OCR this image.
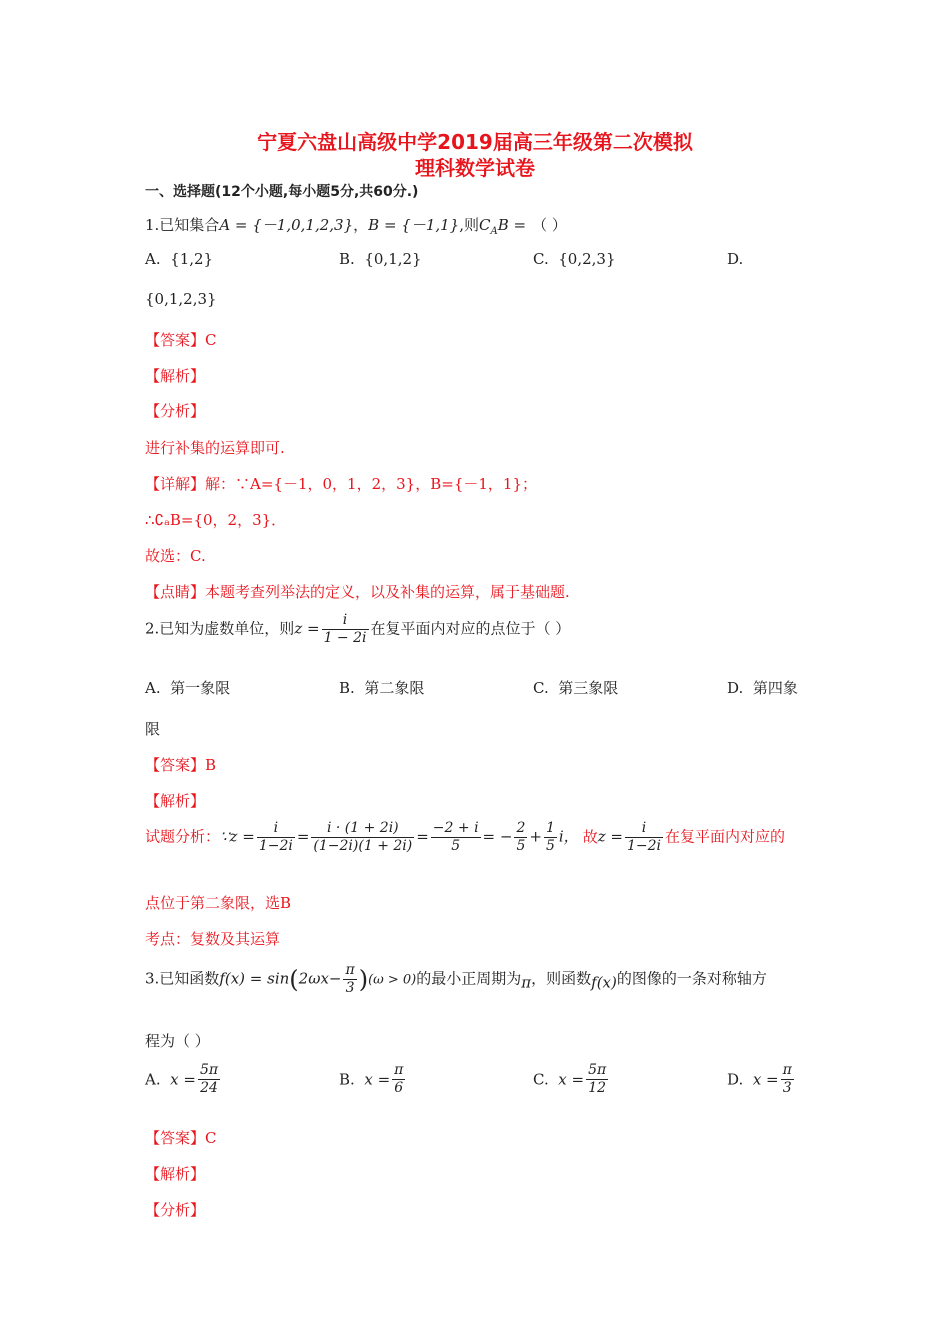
宁夏六盘山高级中学2019届高三年级第二次模拟
理科数学试卷
一、选择题(12个小题,每小题5分,共60分.)
1.已知集合A = {－1,0,1,2,3}，B = {－1,1},则$C_AB$ = （ ）
A. {1,2}	B. {0,1,2}	C. {0,2,3}	D.
{0,1,2,3}
【答案】C
【解析】
【分析】
进行补集的运算即可.
【详解】解：∵A={－1，0，1，2，3}，B={－1，1}；
∴∁ₐB={0，2，3}．
故选：C.
【点睛】本题考查列举法的定义，以及补集的运算，属于基础题.
2.已知为虚数单位，则$z = \frac{i}{1 - 2i}$ 在复平面内对应的点位于（ ）
A. 第一象限	B. 第二象限	C. 第三象限	D. 第四象
限
【答案】B
【解析】
试题分析：∵z = $\frac{i}{1-2i} = \frac{i \cdot (1 + 2i)}{(1-2i)(1 + 2i)} = \frac{-2 + i}{5}$ = − $\frac{2}{5} + \frac{1}{5}$ i， 故$z = \frac{i}{1-2i}$ 在复平面内对应的
点位于第二象限，选B
考点：复数及其运算
3.已知函数$f(x) = \sin(2\omega x- \frac{\pi}{3} )(\omega > 0)$的最小正周期为π，则函数f(x)的图像的一条对称轴方
程为（ ）
A. $x = \frac{5\pi}{24}$	B. $x = \frac{\pi}{6}$	C. $x = \frac{5\pi}{12}$	D. $x = \frac{\pi}{3}$
【答案】C
【解析】
【分析】
